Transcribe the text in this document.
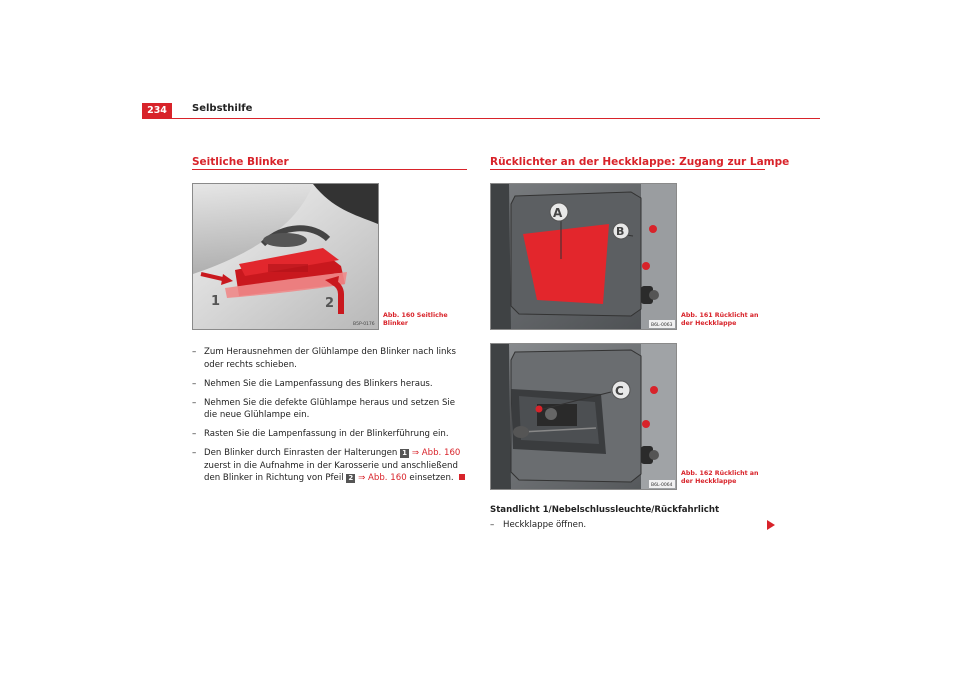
234	Selbsthilfe
Seitliche Blinker
1	2
B5P-0176
Abb. 160 Seitliche
Blinker
– Zum Herausnehmen der Glühlampe den Blinker nach links oder rechts schieben.
– Nehmen Sie die Lampenfassung des Blinkers heraus.
– Nehmen Sie die defekte Glühlampe heraus und setzen Sie die neue Glühlampe ein.
– Rasten Sie die Lampenfassung in der Blinkerführung ein.
– Den Blinker durch Einrasten der Halterungen 1 ⇒ Abb. 160 zuerst in die Aufnahme in der Karosserie und anschließend den Blinker in Richtung von Pfeil 2 ⇒ Abb. 160 einsetzen.
Rücklichter an der Heckklappe: Zugang zur Lampe
A
B
B6L-0063
Abb. 161 Rücklicht an
der Heckklappe
C
B6L-0064
Abb. 162 Rücklicht an
der Heckklappe
Standlicht 1/Nebelschlussleuchte/Rückfahrlicht
– Heckklappe öffnen.
